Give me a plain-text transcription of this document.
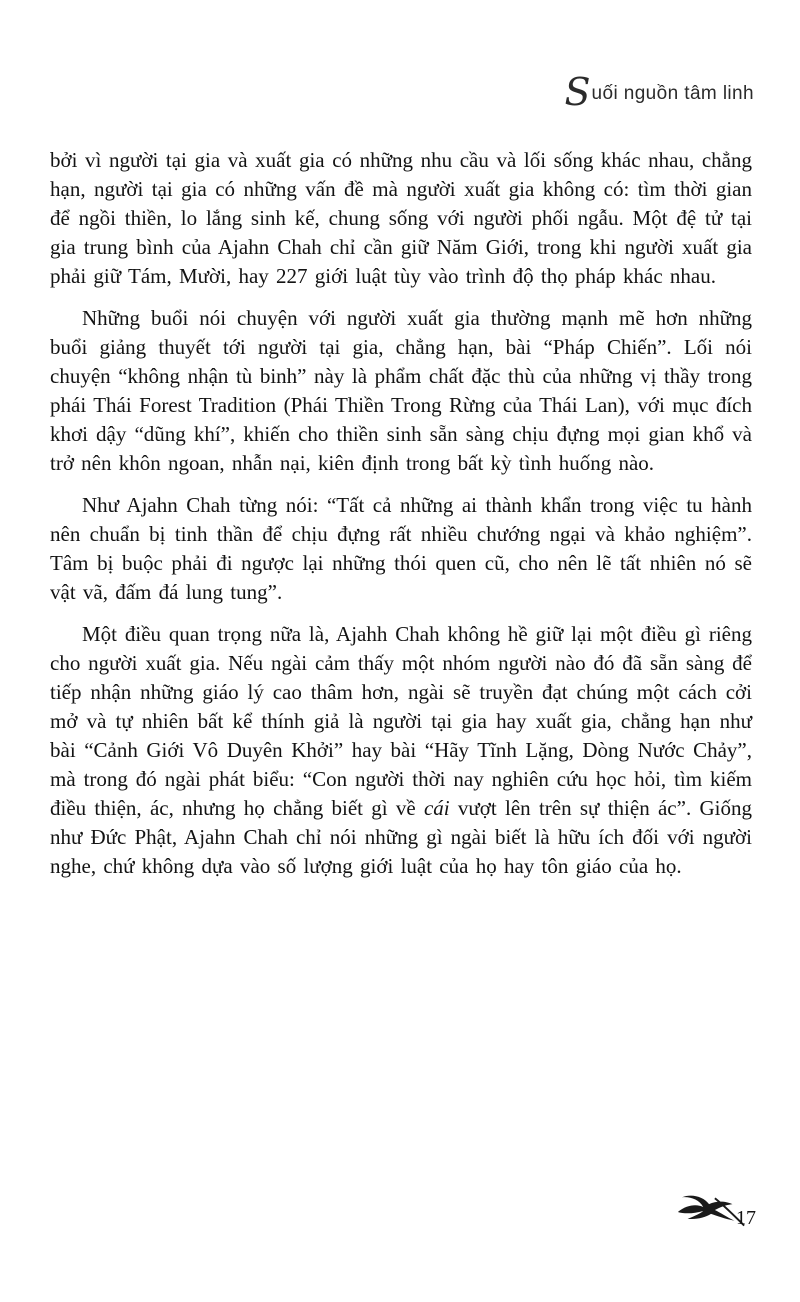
Suối nguồn tâm linh

bởi vì người tại gia và xuất gia có những nhu cầu và lối sống khác nhau, chẳng hạn, người tại gia có những vấn đề mà người xuất gia không có: tìm thời gian để ngồi thiền, lo lắng sinh kế, chung sống với người phối ngẫu. Một đệ tử tại gia trung bình của Ajahn Chah chỉ cần giữ Năm Giới, trong khi người xuất gia phải giữ Tám, Mười, hay 227 giới luật tùy vào trình độ thọ pháp khác nhau.

Những buổi nói chuyện với người xuất gia thường mạnh mẽ hơn những buổi giảng thuyết tới người tại gia, chẳng hạn, bài “Pháp Chiến”. Lối nói chuyện “không nhận tù binh” này là phẩm chất đặc thù của những vị thầy trong phái Thái Forest Tradition (Phái Thiền Trong Rừng của Thái Lan), với mục đích khơi dậy “dũng khí”, khiến cho thiền sinh sẵn sàng chịu đựng mọi gian khổ và trở nên khôn ngoan, nhẫn nại, kiên định trong bất kỳ tình huống nào.

Như Ajahn Chah từng nói: “Tất cả những ai thành khẩn trong việc tu hành nên chuẩn bị tinh thần để chịu đựng rất nhiều chướng ngại và khảo nghiệm”. Tâm bị buộc phải đi ngược lại những thói quen cũ, cho nên lẽ tất nhiên nó sẽ vật vã, đấm đá lung tung”.

Một điều quan trọng nữa là, Ajahh Chah không hề giữ lại một điều gì riêng cho người xuất gia. Nếu ngài cảm thấy một nhóm người nào đó đã sẵn sàng để tiếp nhận những giáo lý cao thâm hơn, ngài sẽ truyền đạt chúng một cách cởi mở và tự nhiên bất kể thính giả là người tại gia hay xuất gia, chẳng hạn như bài “Cảnh Giới Vô Duyên Khởi” hay bài “Hãy Tĩnh Lặng, Dòng Nước Chảy”, mà trong đó ngài phát biểu: “Con người thời nay nghiên cứu học hỏi, tìm kiếm điều thiện, ác, nhưng họ chẳng biết gì về cái vượt lên trên sự thiện ác”. Giống như Đức Phật, Ajahn Chah chỉ nói những gì ngài biết là hữu ích đối với người nghe, chứ không dựa vào số lượng giới luật của họ hay tôn giáo của họ.

17
